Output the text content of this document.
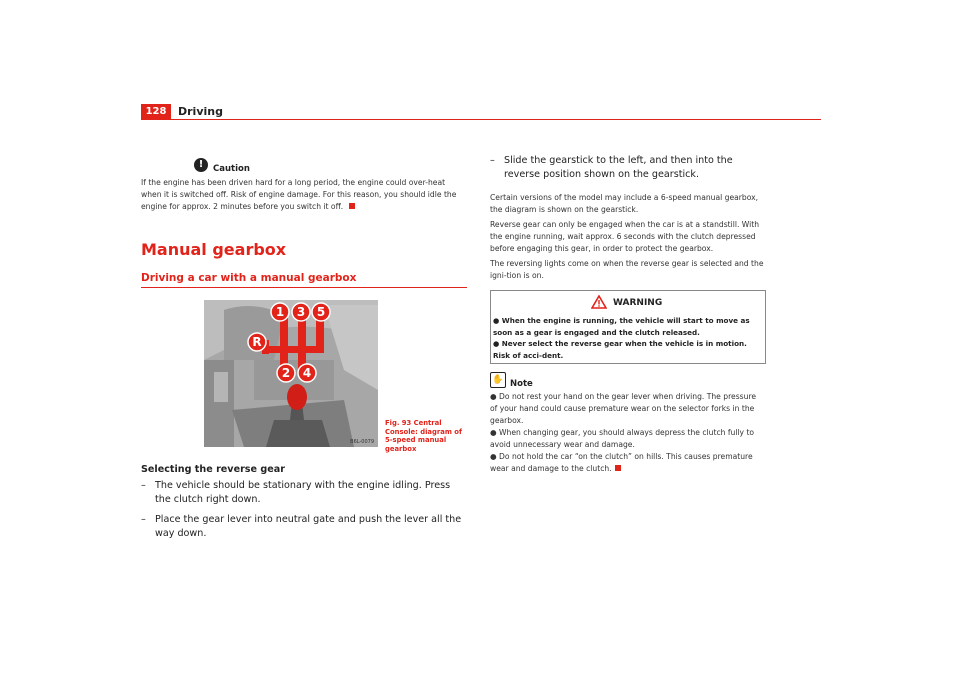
128	Driving
!	Caution
If the engine has been driven hard for a long period, the engine could over-heat when it is switched off. Risk of engine damage. For this reason, you should idle the engine for approx. 2 minutes before you switch it off.
Manual gearbox
Driving a car with a manual gearbox
1 3 5
R
2 4
B6L-0079
Fig. 93 Central Console: diagram of 5-speed manual gearbox
Selecting the reverse gear
– The vehicle should be stationary with the engine idling. Press the clutch right down.
– Place the gear lever into neutral gate and push the lever all the way down.
– Slide the gearstick to the left, and then into the reverse position shown on the gearstick.
Certain versions of the model may include a 6-speed manual gearbox, the diagram is shown on the gearstick.
Reverse gear can only be engaged when the car is at a standstill. With the engine running, wait approx. 6 seconds with the clutch depressed before engaging this gear, in order to protect the gearbox.
The reversing lights come on when the reverse gear is selected and the igni-tion is on.
WARNING
● When the engine is running, the vehicle will start to move as soon as a gear is engaged and the clutch released.
● Never select the reverse gear when the vehicle is in motion. Risk of acci-dent.
✋ Note
● Do not rest your hand on the gear lever when driving. The pressure of your hand could cause premature wear on the selector forks in the gearbox.
● When changing gear, you should always depress the clutch fully to avoid unnecessary wear and damage.
● Do not hold the car “on the clutch” on hills. This causes premature wear and damage to the clutch.
